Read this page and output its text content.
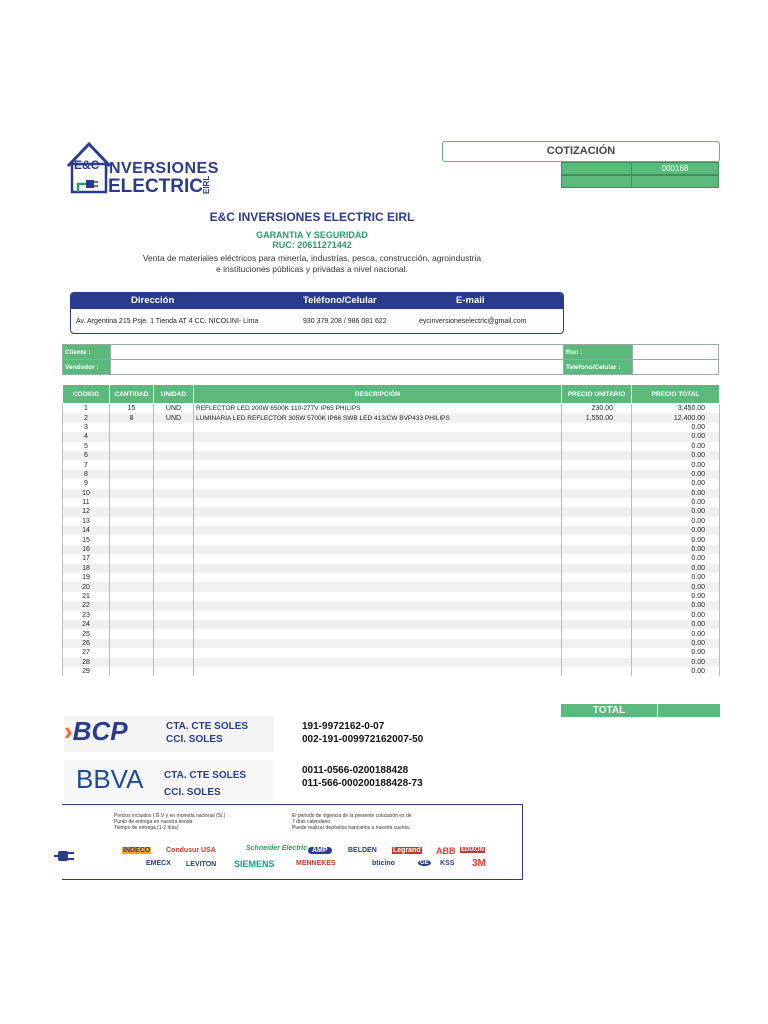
E&C INVERSIONES
ELECTRIC EIRL
COTIZACIÓN
000168
E&C INVERSIONES ELECTRIC EIRL
GARANTIA Y SEGURIDAD
RUC: 20611271442
Venta de materiales eléctricos para minería, industrias, pesca, construcción, agroindustria e instituciones públicas y privadas a nivel nacional.
Dirección	Teléfono/Celular	E-mail
Av. Argentina 215 Psje. 1 Tienda AT 4 CC. NICOLINI- Lima	930 379 208 / 986 081 622	eycinversioneselectric@gmail.com
Cliente :		Ruc :	
Vendedor :		Telefono/Celular :	
CODIGO	CANTIDAD	UNIDAD	DESCRIPCIÓN	PRECIO UNITARIO	PRECIO TOTAL
1	15	UND	REFLECTOR LED 200W 6500K 110-277V IP65 PHILIPS	230.00	3,450.00
2	8	UND	LUMINARIA LED REFLECTOR 305W 5700K IP66 SWB LED 413/CW BVP433 PHILIPS	1,550.00	12,400.00
3					0.00
4					0.00
5					0.00
6					0.00
7					0.00
8					0.00
9					0.00
10					0.00
11					0.00
12					0.00
13					0.00
14					0.00
15					0.00
16					0.00
17					0.00
18					0.00
19					0.00
20					0.00
21					0.00
22					0.00
23					0.00
24					0.00
25					0.00
26					0.00
27					0.00
28					0.00
29					0.00
TOTAL
›BCP	CTA. CTE SOLES
CCI. SOLES
191-9972162-0-07
002-191-009972162007-50
BBVA CTA. CTE SOLES
CCI. SOLES
0011-0566-0200188428
011-566-000200188428-73
Precios incluidos I.G.V y en moneda nacional (S/.)
Punto de entrega en nuestra tienda
Tiempo de entrega (1-2 días)
El periodo de vigencia de la presente cotización es de
7 días calendario.
Puede realizar depósitos bancarios a nuestra cuenta.
INDECO Condusur USA	Schneider Electric AMP	BELDEN Legrand ABB EDIXON
EMECX LEVITON SIEMENS	MENNEKES	bticino	GE KSS 3M
